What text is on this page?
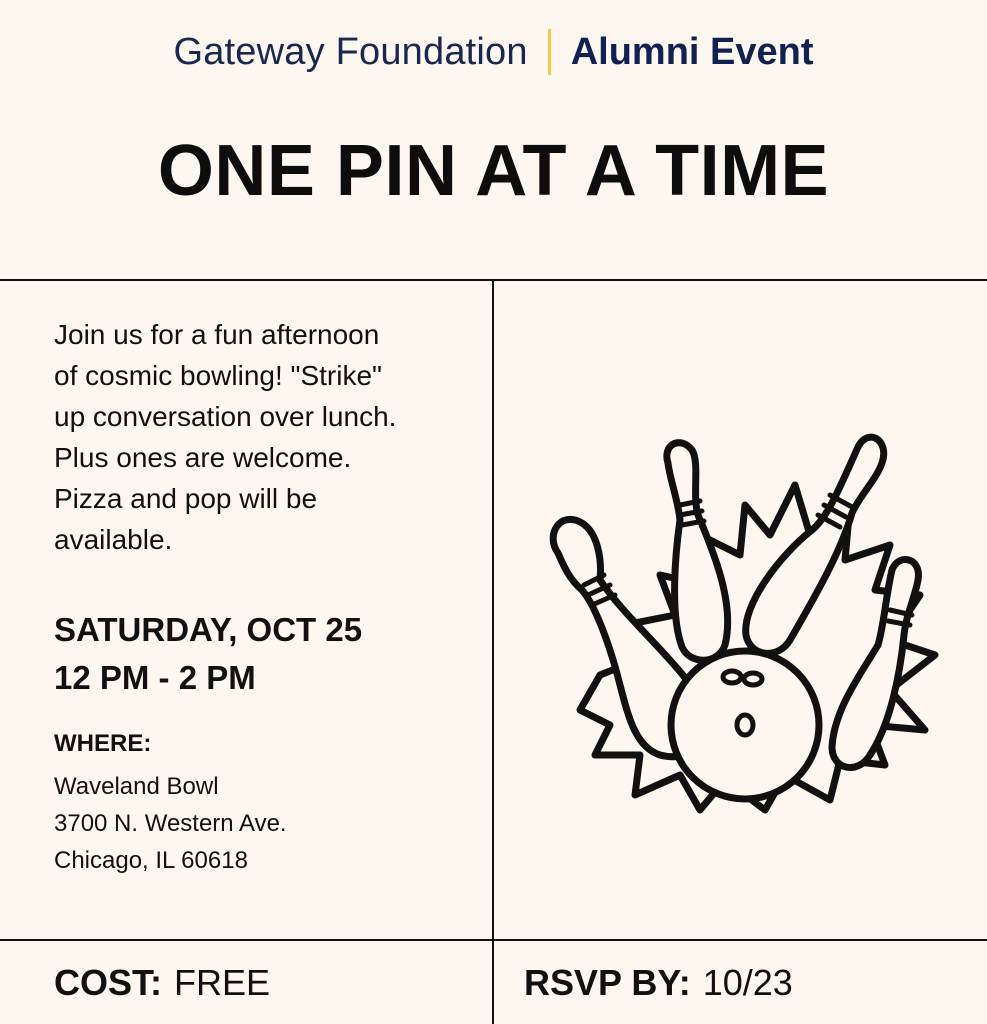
Gateway Foundation Alumni Event
ONE PIN AT A TIME
Join us for a fun afternoon
of cosmic bowling! "Strike"
up conversation over lunch.
Plus ones are welcome.
Pizza and pop will be
available.
SATURDAY, OCT 25
12 PM - 2 PM
WHERE:
Waveland Bowl
3700 N. Western Ave.
Chicago, IL 60618
COST: FREE	RSVP BY: 10/23
